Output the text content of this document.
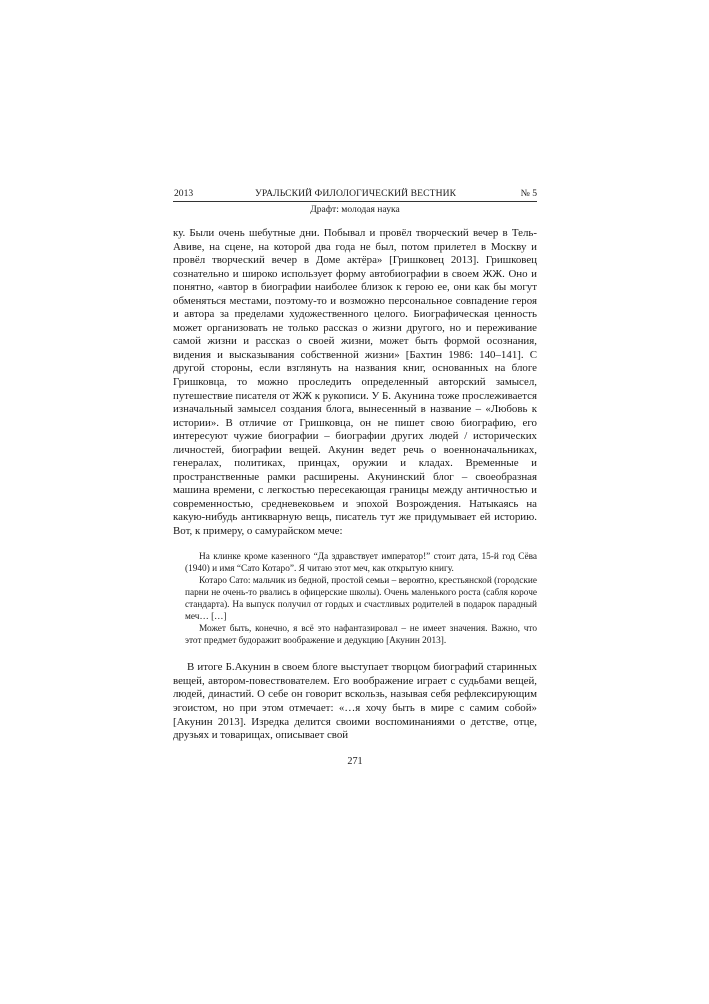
2013	УРАЛЬСКИЙ ФИЛОЛОГИЧЕСКИЙ ВЕСТНИК	№ 5
Драфт: молодая наука

ку. Были очень шебутные дни. Побывал и провёл творческий вечер в Тель-Авиве, на сцене, на которой два года не был, потом прилетел в Москву и провёл творческий вечер в Доме актёра» [Гришковец 2013]. Гришковец сознательно и широко использует форму автобиографии в своем ЖЖ. Оно и понятно, «автор в биографии наиболее близок к герою ее, они как бы могут обменяться местами, поэтому-то и возможно персональное совпадение героя и автора за пределами художественного целого. Биографическая ценность может организовать не только рассказ о жизни другого, но и переживание самой жизни и рассказ о своей жизни, может быть формой осознания, видения и высказывания собственной жизни» [Бахтин 1986: 140–141]. С другой стороны, если взглянуть на названия книг, основанных на блоге Гришковца, то можно проследить определенный авторский замысел, путешествие писателя от ЖЖ к рукописи. У Б. Акунина тоже прослеживается изначальный замысел создания блога, вынесенный в название – «Любовь к истории». В отличие от Гришковца, он не пишет свою биографию, его интересуют чужие биографии – биографии других людей / исторических личностей, биографии вещей. Акунин ведет речь о военноначальниках, генералах, политиках, принцах, оружии и кладах. Временные и пространственные рамки расширены. Акунинский блог – своеобразная машина времени, с легкостью пересекающая границы между античностью и современностью, средневековьем и эпохой Возрождения. Натыкаясь на какую-нибудь антикварную вещь, писатель тут же придумывает ей историю. Вот, к примеру, о самурайском мече:

На клинке кроме казенного “Да здравствует император!” стоит дата, 15-й год Сёва (1940) и имя “Сато Котаро”. Я читаю этот меч, как открытую книгу.

Котаро Сато: мальчик из бедной, простой семьи – вероятно, крестьянской (городские парни не очень-то рвались в офицерские школы). Очень маленького роста (сабля короче стандарта). На выпуск получил от гордых и счастливых родителей в подарок парадный меч… […]

Может быть, конечно, я всё это нафантазировал – не имеет значения. Важно, что этот предмет будоражит воображение и дедукцию [Акунин 2013].

В итоге Б.Акунин в своем блоге выступает творцом биографий старинных вещей, автором-повествователем. Его воображение играет с судьбами вещей, людей, династий. О себе он говорит вскользь, называя себя рефлексирующим эгоистом, но при этом отмечает: «…я хочу быть в мире с самим собой» [Акунин 2013]. Изредка делится своими воспоминаниями о детстве, отце, друзьях и товарищах, описывает свой

271
